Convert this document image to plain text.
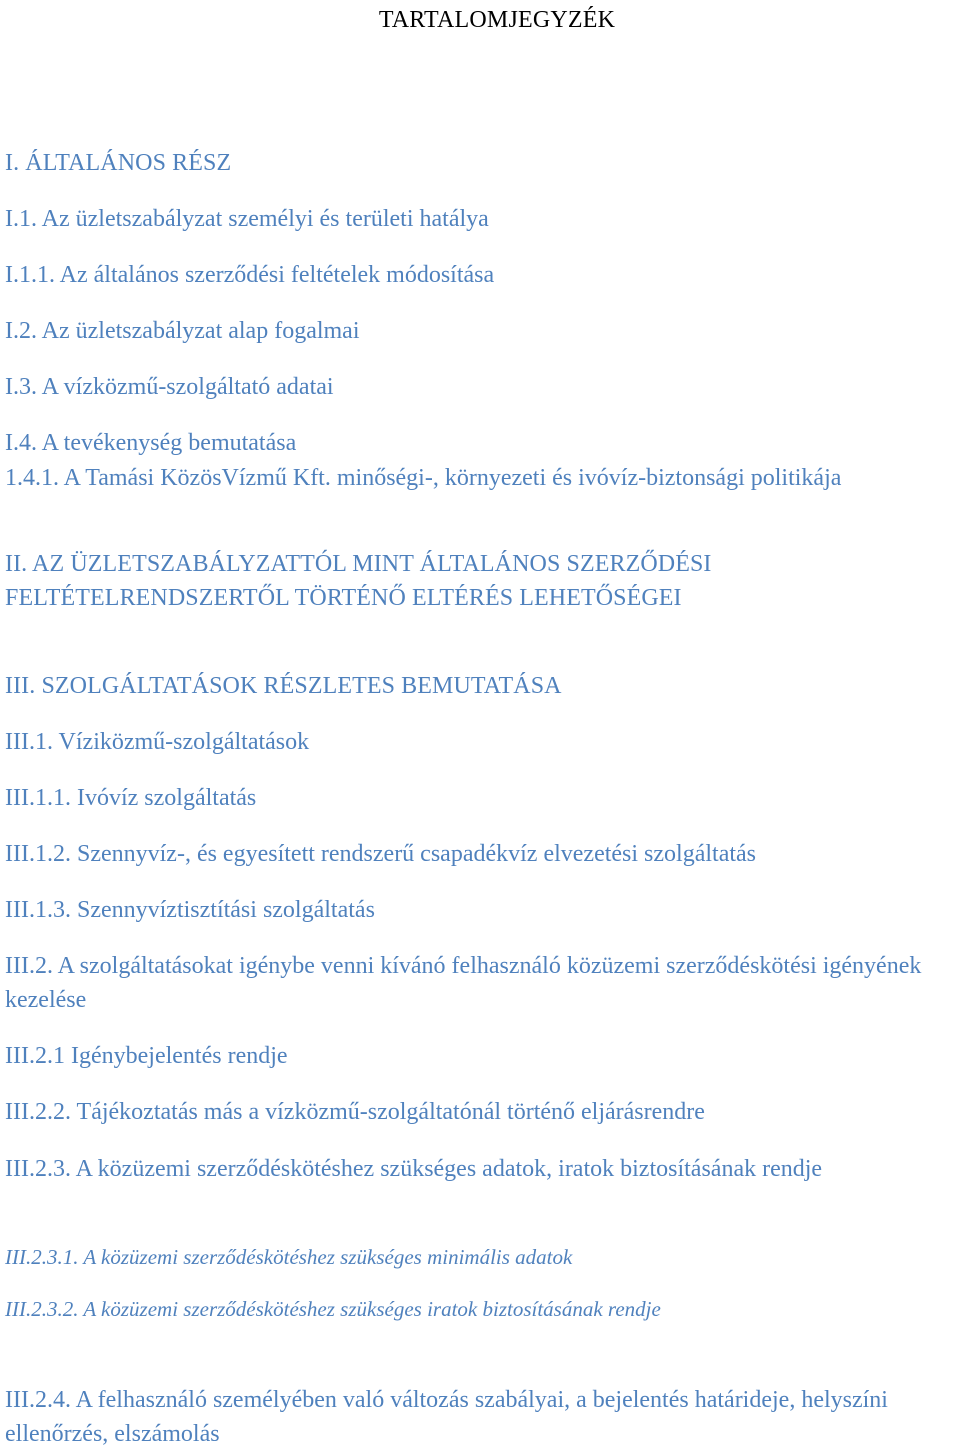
TARTALOMJEGYZÉK
I. ÁLTALÁNOS RÉSZ
I.1. Az üzletszabályzat személyi és területi hatálya
I.1.1. Az általános szerződési feltételek módosítása
I.2. Az üzletszabályzat alap fogalmai
I.3. A vízközmű-szolgáltató adatai
I.4. A tevékenység bemutatása
1.4.1. A Tamási KözösVízmű Kft. minőségi-, környezeti és ivóvíz-biztonsági politikája
II. AZ ÜZLETSZABÁLYZATTÓL MINT ÁLTALÁNOS SZERZŐDÉSI FELTÉTELRENDSZERTŐL TÖRTÉNŐ ELTÉRÉS LEHETŐSÉGEI
III. SZOLGÁLTATÁSOK RÉSZLETES BEMUTATÁSA
III.1. Víziközmű-szolgáltatások
III.1.1. Ivóvíz szolgáltatás
III.1.2. Szennyvíz-, és egyesített rendszerű csapadékvíz elvezetési szolgáltatás
III.1.3. Szennyvíztisztítási szolgáltatás
III.2. A szolgáltatásokat igénybe venni kívánó felhasználó közüzemi szerződéskötési igényének kezelése
III.2.1 Igénybejelentés rendje
III.2.2. Tájékoztatás más a vízközmű-szolgáltatónál történő eljárásrendre
III.2.3. A közüzemi szerződéskötéshez szükséges adatok, iratok biztosításának rendje
III.2.3.1. A közüzemi szerződéskötéshez szükséges minimális adatok
III.2.3.2. A közüzemi szerződéskötéshez szükséges iratok biztosításának rendje
III.2.4. A felhasználó személyében való változás szabályai, a bejelentés határideje, helyszíni ellenőrzés, elszámolás
